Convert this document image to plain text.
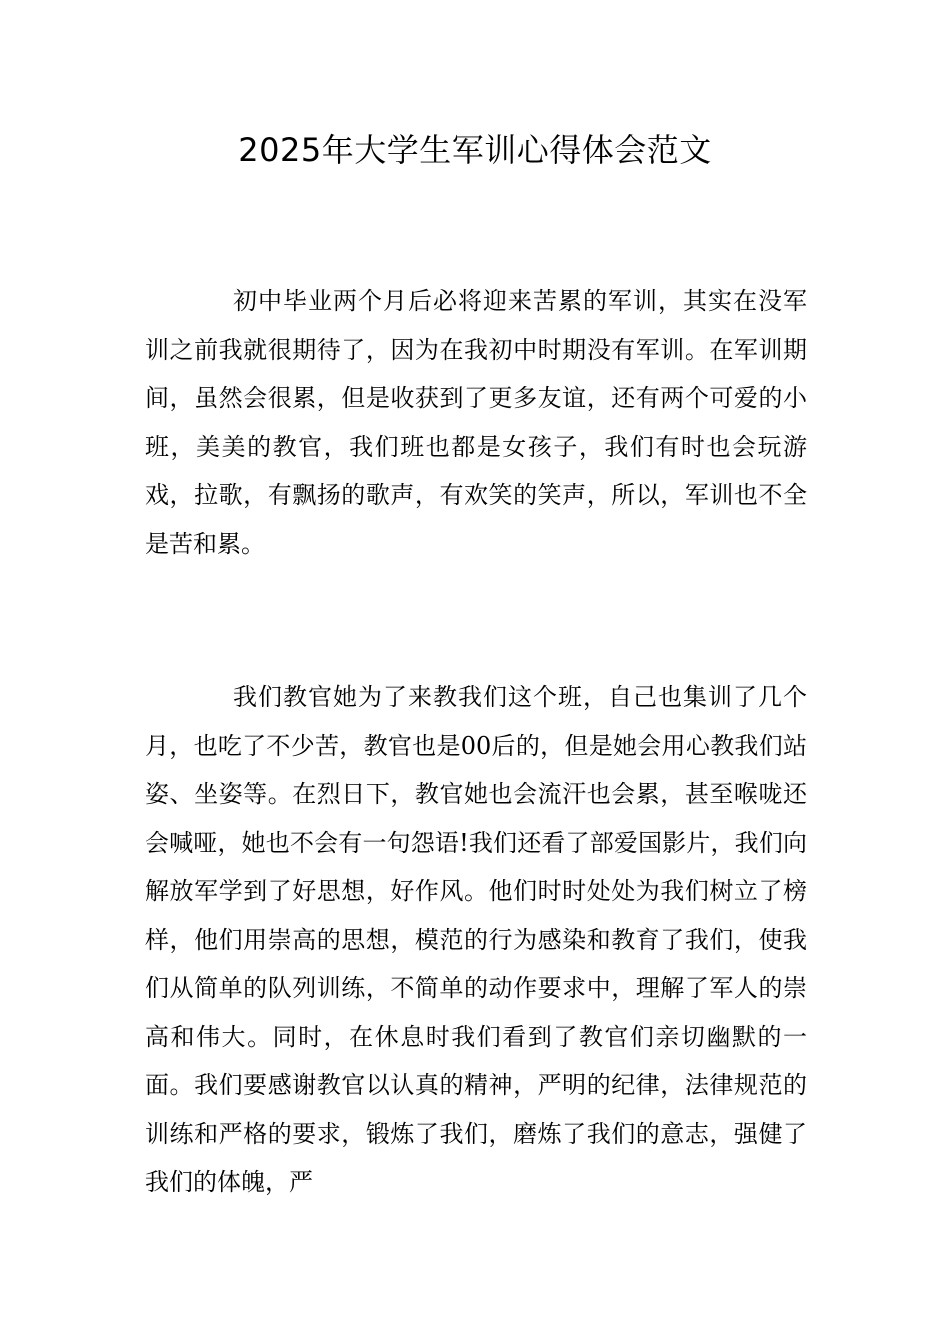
2025年大学生军训心得体会范文

初中毕业两个月后必将迎来苦累的军训，其实在没军训之前我就很期待了，因为在我初中时期没有军训。在军训期间，虽然会很累，但是收获到了更多友谊，还有两个可爱的小班，美美的教官，我们班也都是女孩子，我们有时也会玩游戏，拉歌，有飘扬的歌声，有欢笑的笑声，所以，军训也不全是苦和累。

我们教官她为了来教我们这个班，自己也集训了几个月，也吃了不少苦，教官也是00后的，但是她会用心教我们站姿、坐姿等。在烈日下，教官她也会流汗也会累，甚至喉咙还会喊哑，她也不会有一句怨语!我们还看了部爱国影片，我们向解放军学到了好思想，好作风。他们时时处处为我们树立了榜样，他们用崇高的思想，模范的行为感染和教育了我们，使我们从简单的队列训练，不简单的动作要求中，理解了军人的崇高和伟大。同时，在休息时我们看到了教官们亲切幽默的一面。我们要感谢教官以认真的精神，严明的纪律，法律规范的训练和严格的要求，锻炼了我们，磨炼了我们的意志，强健了我们的体魄，严
